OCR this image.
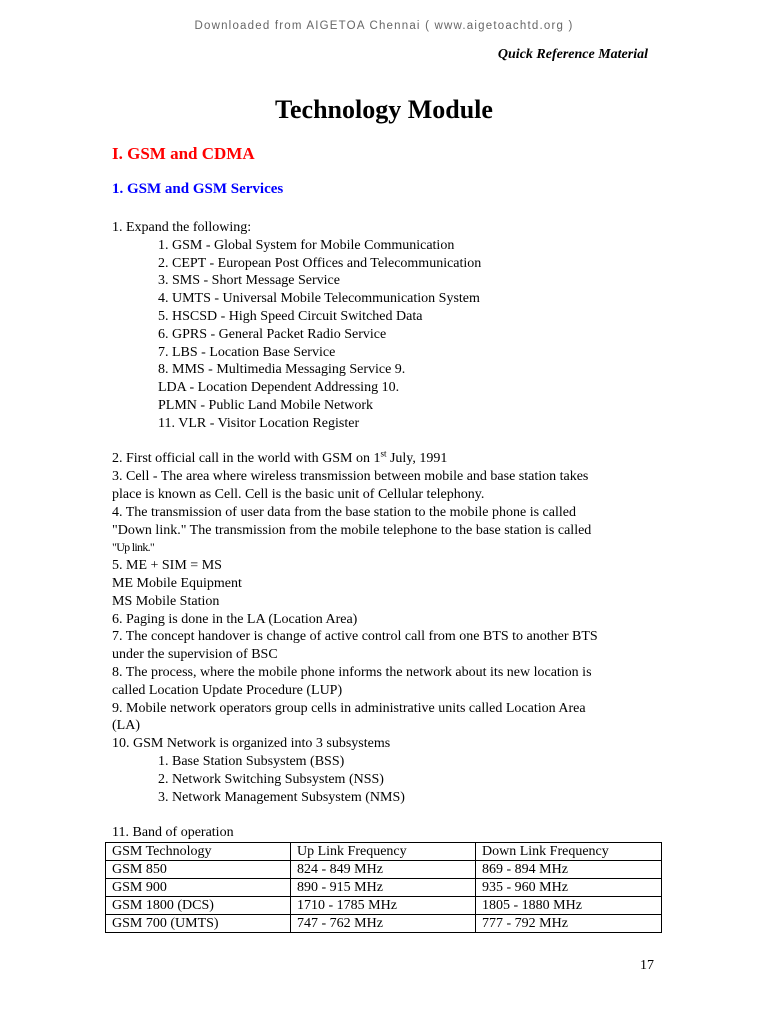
Downloaded from AIGETOA Chennai ( www.aigetoachtd.org )
Quick Reference Material
Technology Module
I. GSM and CDMA
1. GSM and GSM Services
1. Expand the following:
1. GSM - Global System for Mobile Communication
2. CEPT - European Post Offices and Telecommunication
3. SMS - Short Message Service
4. UMTS - Universal Mobile Telecommunication System
5. HSCSD - High Speed Circuit Switched Data
6. GPRS - General Packet Radio Service
7. LBS - Location Base Service
8. MMS - Multimedia Messaging Service 9.
LDA - Location Dependent Addressing 10.
PLMN - Public Land Mobile Network
11. VLR - Visitor Location Register
2. First official call in the world with GSM on 1st July, 1991
3. Cell - The area where wireless transmission between mobile and base station takes
place is known as Cell. Cell is the basic unit of Cellular telephony.
4. The transmission of user data from the base station to the mobile phone is called
"Down link." The transmission from the mobile telephone to the base station is called
"Up link."
5. ME + SIM = MS
ME Mobile Equipment
MS Mobile Station
6. Paging is done in the LA (Location Area)
7. The concept handover is change of active control call from one BTS to another BTS
under the supervision of BSC
8. The process, where the mobile phone informs the network about its new location is
called Location Update Procedure (LUP)
9. Mobile network operators group cells in administrative units called Location Area
(LA)
10. GSM Network is organized into 3 subsystems
1. Base Station Subsystem (BSS)
2. Network Switching Subsystem (NSS)
3. Network Management Subsystem (NMS)
11. Band of operation
GSM Technology	Up Link Frequency	Down Link Frequency
GSM 850	824 - 849 MHz	869 - 894 MHz
GSM 900	890 - 915 MHz	935 - 960 MHz
GSM 1800 (DCS)	1710 - 1785 MHz	1805 - 1880 MHz
GSM 700 (UMTS)	747 - 762 MHz	777 - 792 MHz
17
